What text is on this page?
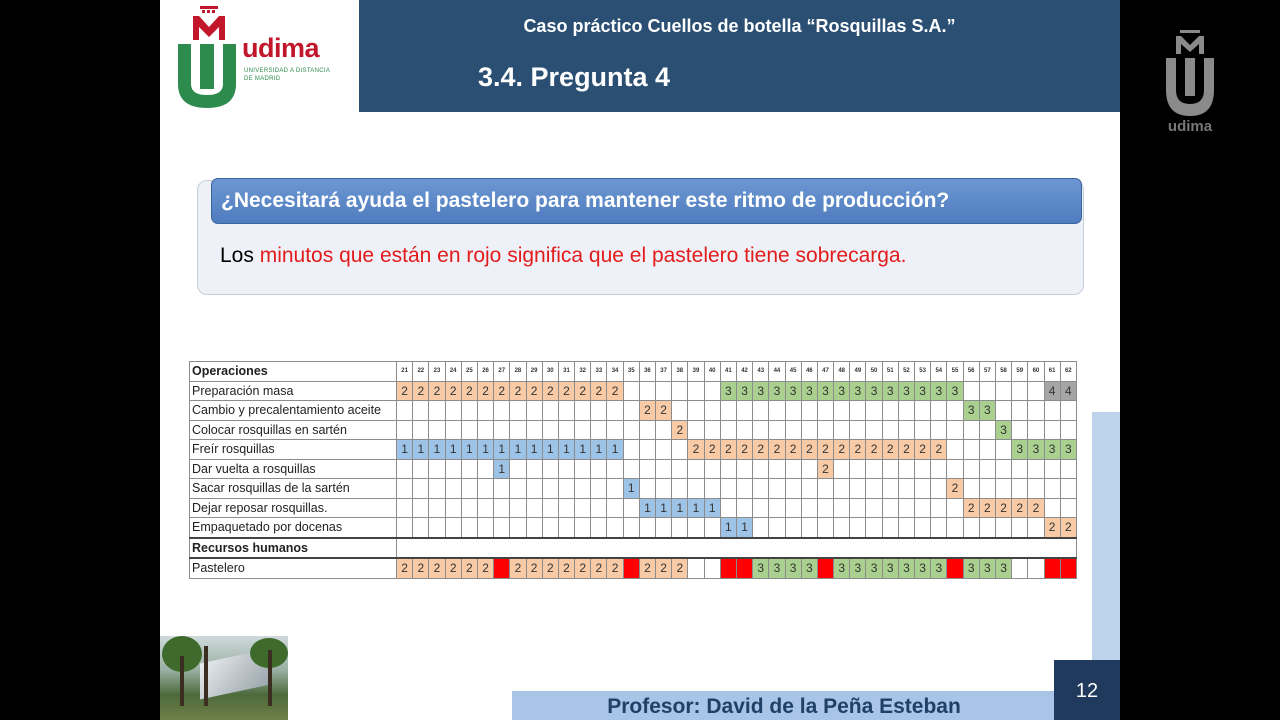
udima
UNIVERSIDAD A DISTANCIA
DE MADRID
Caso práctico Cuellos de botella “Rosquillas S.A.”
3.4. Pregunta 4
¿Necesitará ayuda el pastelero para mantener este ritmo de producción?
Los minutos que están en rojo significa que el pastelero tiene sobrecarga.
Operaciones	21	22	23	24	25	26	27	28	29	30	31	32	33	34	35	36	37	38	39	40	41	42	43	44	45	46	47	48	49	50	51	52	53	54	55	56	57	58	59	60	61	62
Preparación masa	2	2	2	2	2	2	2	2	2	2	2	2	2	2							3	3	3	3	3	3	3	3	3	3	3	3	3	3	3						4	4
Cambio y precalentamiento aceite																2	2																			3	3					
Colocar rosquillas en sartén																		2																				3				
Freír rosquillas	1	1	1	1	1	1	1	1	1	1	1	1	1	1					2	2	2	2	2	2	2	2	2	2	2	2	2	2	2	2					3	3	3	3
Dar vuelta a rosquillas							1																				2															
Sacar rosquillas de la sartén															1																				2							
Dejar reposar rosquillas.																1	1	1	1	1																2	2	2	2	2		
Empaquetado por docenas																					1	1																			2	2
Recursos humanos																																										
Pastelero	2	2	2	2	2	2		2	2	2	2	2	2	2		2	2	2					3	3	3	3		3	3	3	3	3	3	3		3	3	3				
Profesor: David de la Peña Esteban
12
udima
